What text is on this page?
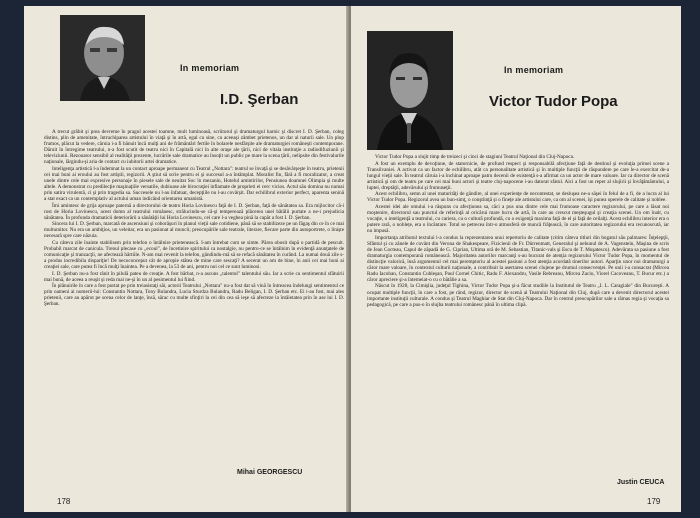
In memoriam
I.D. Şerban

A trecut grăbit şi prea devreme în pragul acestei toamne, mult luminoasă, scriitorul şi dramaturgul harnic şi discret I. D. Şerban, coleg distins, plin de amenitate, întruchiparea artistului în viaţă şi în artă, egal cu sine, cu aceeaşi zâmbet prietenos, un dar al naturii sale. Un plop frumos, plăcut la vedere, căruia i-a fi bănuit încă mulţi ani de frământări fertile în bolarele nesfârşite ale dramaturgiei româneşti contemporane. Dăruit în întregime teatrului, n-a fost scutit de teatru nici în Capitală nici în alte oraşe ale ţării, nici de vitala instituţie a radiodifuziunii şi televiziunii. Rezonator sensibil al realităţii prezente, lucrările sale dramatice au însoţit un public pe mare la scena ţării, nelipsite din festivalurile naţionale, lărgindu-şi aria de contact cu iubitorii artei dramatice.

Inteligenţa artistică l-a îndemnat la un contact aproape permanent cu Teatrul „Nottara": teatrul se învaţă şi se desăvârşeşte în teatru, prietenii cei mai buni ai eroului au fost artiştii, regizorii. A ştiut să scrie pentru ei şi succesul a-a întâmplat. Moralist fin, fără a fi moralizator, a creat unele dintre cele mai expresive personaje în piesele sale de neuitat Soc în mezanin, Hotelul amintirilor, Pensiunea doamnei Olimpia şi multe altele. A demonstrat cu predilecţie maşinaţiile versatile, dubioase ale birocraţiei inflamate de proprieti ei cerc vicios. Actul său domina nu numai prin satira virulentă, ci şi prin tragedia sa. Succesele nu l-au înfatuat, decepţiile nu l-au covârşit. Dar echilibrul exterior perfect, aparenta senină a stat exact ca un contemplativ al actului uman indicând orientarea umanistă.

Îmi amintesc de grija aproape paternă a directorului de teatru Horia Lovinescu faţă de I. D. Şerban, faţă de sănătatea sa. Era mijlocitor că-i rost de Horia Lovinescu, acest domn al teatrului românesc, strălucindu-se că-şi temperează plăcerea unei bătălii purtate a ne-i prejudicia sănătatea. În profunda dramaticii deteriorării a sănătăţii lui Horia Lovinescu, cel care l-a veghea pină la capăt a fost I. D. Şerban.

Sincera lui I. D. Şerban, marcată de ascensiuni şi coborâşuri în planul vieţii sale cotidiene, până să se stabilizeze pe un făgaş din ce în ce mai multumitor. Nu era un ambiţios, un veleitar, era un pasionat al muncii; preocupările sale teatrale, literare, fiecare parte din autoportrete, o linişte necesară spre care năzuia.

Cu câteva zile înainte stabilisem prin telefon o întâlnire prietenească. I-am întrebat cum se simte. Părea obosit după o partidă de pescuit. Probabil marcat de canicula. Trenul plecase cu „ecoul", de încetinire spiritului ca nostalgie, nu pentru-ce se întâlnim în evidenţă anunţatele de comunicaţie şi tranzacţii, ne afectează hârtiile. N-am mai revenit la telefon, gândindu-mă să se refacă sănătatea în curând. La numai două zile s-a produs incredibila dispariţie! De necoconceput cât de apropie stătea de mine care sescaţi? A secerat un om de bine, în anii cei mai buni ai creaţiei sale, care putea fi încă mulţi înaintea. Pe a devenea, la 53 de ani, pentru noi cel ce sunt luminosi.

I. D. Şerban nu-a fost rânit în pilulă pateu de creaţie. A fost bărbat, n-a ascuns „talentul" talentului său. Iar a scrie cu sentimentul sfătuirii mai bună, de aceea a reuşit şi reda mai ne-şi în un al pesimentul lui fiind.

În plânuirile în care a fost purtat pe prin treiasistaţi săi, actorii Teatrului „Nottara" nu-a fost dat să vină în întreacea îndelungi sentimentul ce prin oameni ai numerii-lui: Constantin Nottara, Tony Bulandra, Lucia Sturdza Bulandra, Radu Beligan, I. D. Şerban etc. Ei i-au fost, mai ales prietenii, care au apărut pe scena celor de lanţe, însă, sărac cu multe sfinţiri la cei din cea să ieşe să afecteze la întâietatea prin în ase lui I. D. Şerban.

Mihai GEORGESCU
178
In memoriam
Victor Tudor Popa

Victor Tudor Popa a slujit timp de treizeci şi cinci de stagiuni Teatrul Naţional din Cluj-Napoca.

A fost un exemplu de devoţiune, de statornicie, de profund respect şi responsabilă afecţiune faţă de destinul şi evoluţia primei scene a Transilvaniei. A activat ca un factor de echilibru, atât ca personalitate artistică şi în multiple funcţii de răspundere pe care le-a exercitat de-a lungul vieţii sale. În teatrul căruia i-a închinat aproape patru decenii de existenţă s-a afirmat ca un actor de mare valoare. Iar ca director de scenă artistică şi om de teatru pe care cei mai buni actori şi teatre cluj-napocene i-au datorat sfatul. Aici a fost un reper al slujirii şi învăţământului, a luptei, dreptăţii, adevărului şi frumuseţii.

Acest echilibru, semn al unei maturităţi de gândire, al unei experienţe de necontestat, se desluşea ne-a săşei în felul de a fi, de a lucra al lui Victor Tudor Popa. Regizorul avea un bun-simţ, o conştiinţă şi o fineţe ale artistului care, ca om al scenei, îşi punea operele de calitate şi noblee.

Acestei idei ale omului i-a răspuns cu afecţiunea sa, căci a pus una dintre cele mai frumoase caractere regizorului, pe care a lăsat noi moştenire, directorul sau punctul de referinţă al oricărui mare lucru de artă, în care au crescut meşteşugul şi creaţia scenei. Un om înalt, cu vocaţie, o inteligenţă a teatrului, cu cariera, cu o cultură profundă, cu o exigenţă maxima faţă de el şi faţă de ceilalţi. Acest echilibru interior era o putere rară, o noblețe, era o încântare. Totul se petrecea într-o atmosferă de muncă frăţească, în care autoritatea regizorului era recunoscută, iar nu impusă.

Importanţa atributul textului l-a condus la reprezentarea unui repertoriu de calitate (citim câteva titluri din bogatul său palmares: Înţelepţii, Sfântul şi cu zânele de cuvânt din Verona de Shakespeare, Fizicienii de Fr. Dürrenmatt, Generalul şi nebunul de A. Vagenstein, Maşina de scris de Jean Cocteau, Capul de zăpadă de G. Ciprian, Ultima oră de M. Sebastian, Titanic-vals şi Escu de T. Muşatescu). Adevărata sa pasiune a fost dramaturgia contemporană românească. Majoritatea autorilor marcanţi s-au bucurat de atenţia regizorului Victor Tudor Popa, în momentul de distincţie valorică, însă argumentul cel mai peremptoriu al acestei pasiuni a fost atenţia acordată tinerilor autori. Aparţin unor noi dramaturgi a căror mare valoare, în contextul culturii naţionale, a contribuit la asertarea scenei clujene pe drumul consecvenţei. Pe unii i-a consacrat (Mircea Radu Iacoban, Constantin Cubleşan, Paul Cornel Chitic, Radu F. Alexandru, Vasile Rebreanu, Mircea Zaciu, Viorel Cacoveanu, T. Bucur etc.) a căror apreciere şi-a întemeiat-o cu o bătălie a sa.

Născut în 1928, la Cimişlia, judeţul Tighina, Victor Tudor Popa şi-a făcut studiile la Institutul de Teatru „I. L. Caragiale" din Bucureşti. A ocupat multiple funcţii, în care a fost, pe rând, regizor, director de scenă al Teatrului Naţional din Cluj, după care a devenit directorul acestei importante instituţii culturale. A condus şi Teatrul Maghiar de Stat din Cluj-Napoca. Dar în centrul preocupărilor sale a rămas regia şi vocaţia sa pedagogică, pe care a pus-o în slujba teatrului românesc până în ultima clipă.

Justin CEUCA
179
